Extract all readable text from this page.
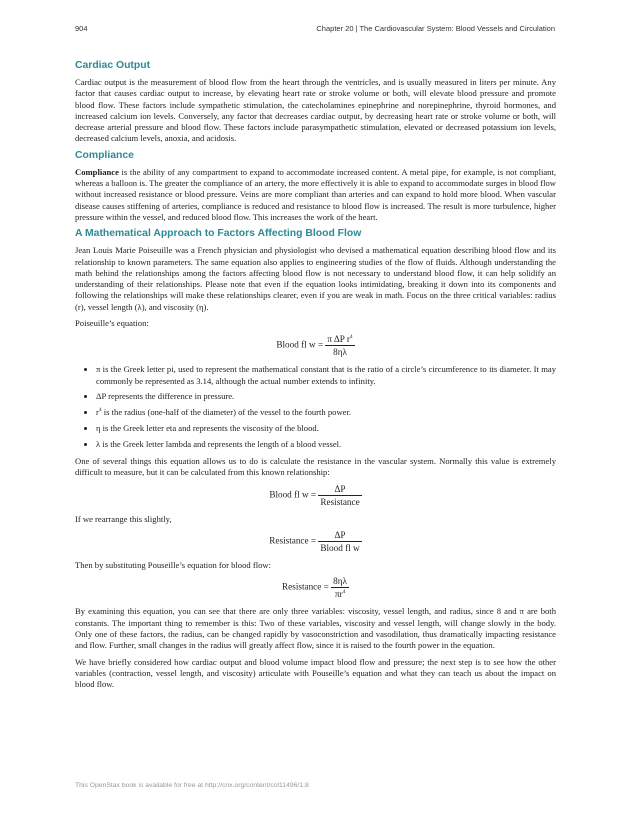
904	Chapter 20 | The Cardiovascular System: Blood Vessels and Circulation
Cardiac Output

Cardiac output is the measurement of blood flow from the heart through the ventricles, and is usually measured in liters per minute. Any factor that causes cardiac output to increase, by elevating heart rate or stroke volume or both, will elevate blood pressure and promote blood flow. These factors include sympathetic stimulation, the catecholamines epinephrine and norepinephrine, thyroid hormones, and increased calcium ion levels. Conversely, any factor that decreases cardiac output, by decreasing heart rate or stroke volume or both, will decrease arterial pressure and blood flow. These factors include parasympathetic stimulation, elevated or decreased potassium ion levels, decreased calcium levels, anoxia, and acidosis.

Compliance

Compliance is the ability of any compartment to expand to accommodate increased content. A metal pipe, for example, is not compliant, whereas a balloon is. The greater the compliance of an artery, the more effectively it is able to expand to accommodate surges in blood flow without increased resistance or blood pressure. Veins are more compliant than arteries and can expand to hold more blood. When vascular disease causes stiffening of arteries, compliance is reduced and resistance to blood flow is increased. The result is more turbulence, higher pressure within the vessel, and reduced blood flow. This increases the work of the heart.

A Mathematical Approach to Factors Affecting Blood Flow

Jean Louis Marie Poiseuille was a French physician and physiologist who devised a mathematical equation describing blood flow and its relationship to known parameters. The same equation also applies to engineering studies of the flow of fluids. Although understanding the math behind the relationships among the factors affecting blood flow is not necessary to understand blood flow, it can help solidify an understanding of their relationships. Please note that even if the equation looks intimidating, breaking it down into its components and following the relationships will make these relationships clearer, even if you are weak in math. Focus on the three critical variables: radius (r), vessel length (λ), and viscosity (η).

Poiseuille’s equation:

Blood fl $w = \frac{\pi \Delta P r^4}{8\eta\lambda}$
• π is the Greek letter pi, used to represent the mathematical constant that is the ratio of a circle’s circumference to its diameter. It may commonly be represented as 3.14, although the actual number extends to infinity.
• ΔP represents the difference in pressure.
• $r^4$ is the radius (one-half of the diameter) of the vessel to the fourth power.
• η is the Greek letter eta and represents the viscosity of the blood.
• λ is the Greek letter lambda and represents the length of a blood vessel.

One of several things this equation allows us to do is calculate the resistance in the vascular system. Normally this value is extremely difficult to measure, but it can be calculated from this known relationship:

Blood fl $w = \frac{\Delta P}{\text{Resistance}}$

If we rearrange this slightly,

Resistance = $\frac{\Delta P}{\text{Blood fl w}}$

Then by substituting Pouseille’s equation for blood flow:

Resistance = $\frac{8\eta\lambda}{\pi r^4}$

By examining this equation, you can see that there are only three variables: viscosity, vessel length, and radius, since 8 and π are both constants. The important thing to remember is this: Two of these variables, viscosity and vessel length, will change slowly in the body. Only one of these factors, the radius, can be changed rapidly by vasoconstriction and vasodilation, thus dramatically impacting resistance and flow. Further, small changes in the radius will greatly affect flow, since it is raised to the fourth power in the equation.

We have briefly considered how cardiac output and blood volume impact blood flow and pressure; the next step is to see how the other variables (contraction, vessel length, and viscosity) articulate with Pouseille’s equation and what they can teach us about the impact on blood flow.

This OpenStax book is available for free at http://cnx.org/content/col11496/1.8
